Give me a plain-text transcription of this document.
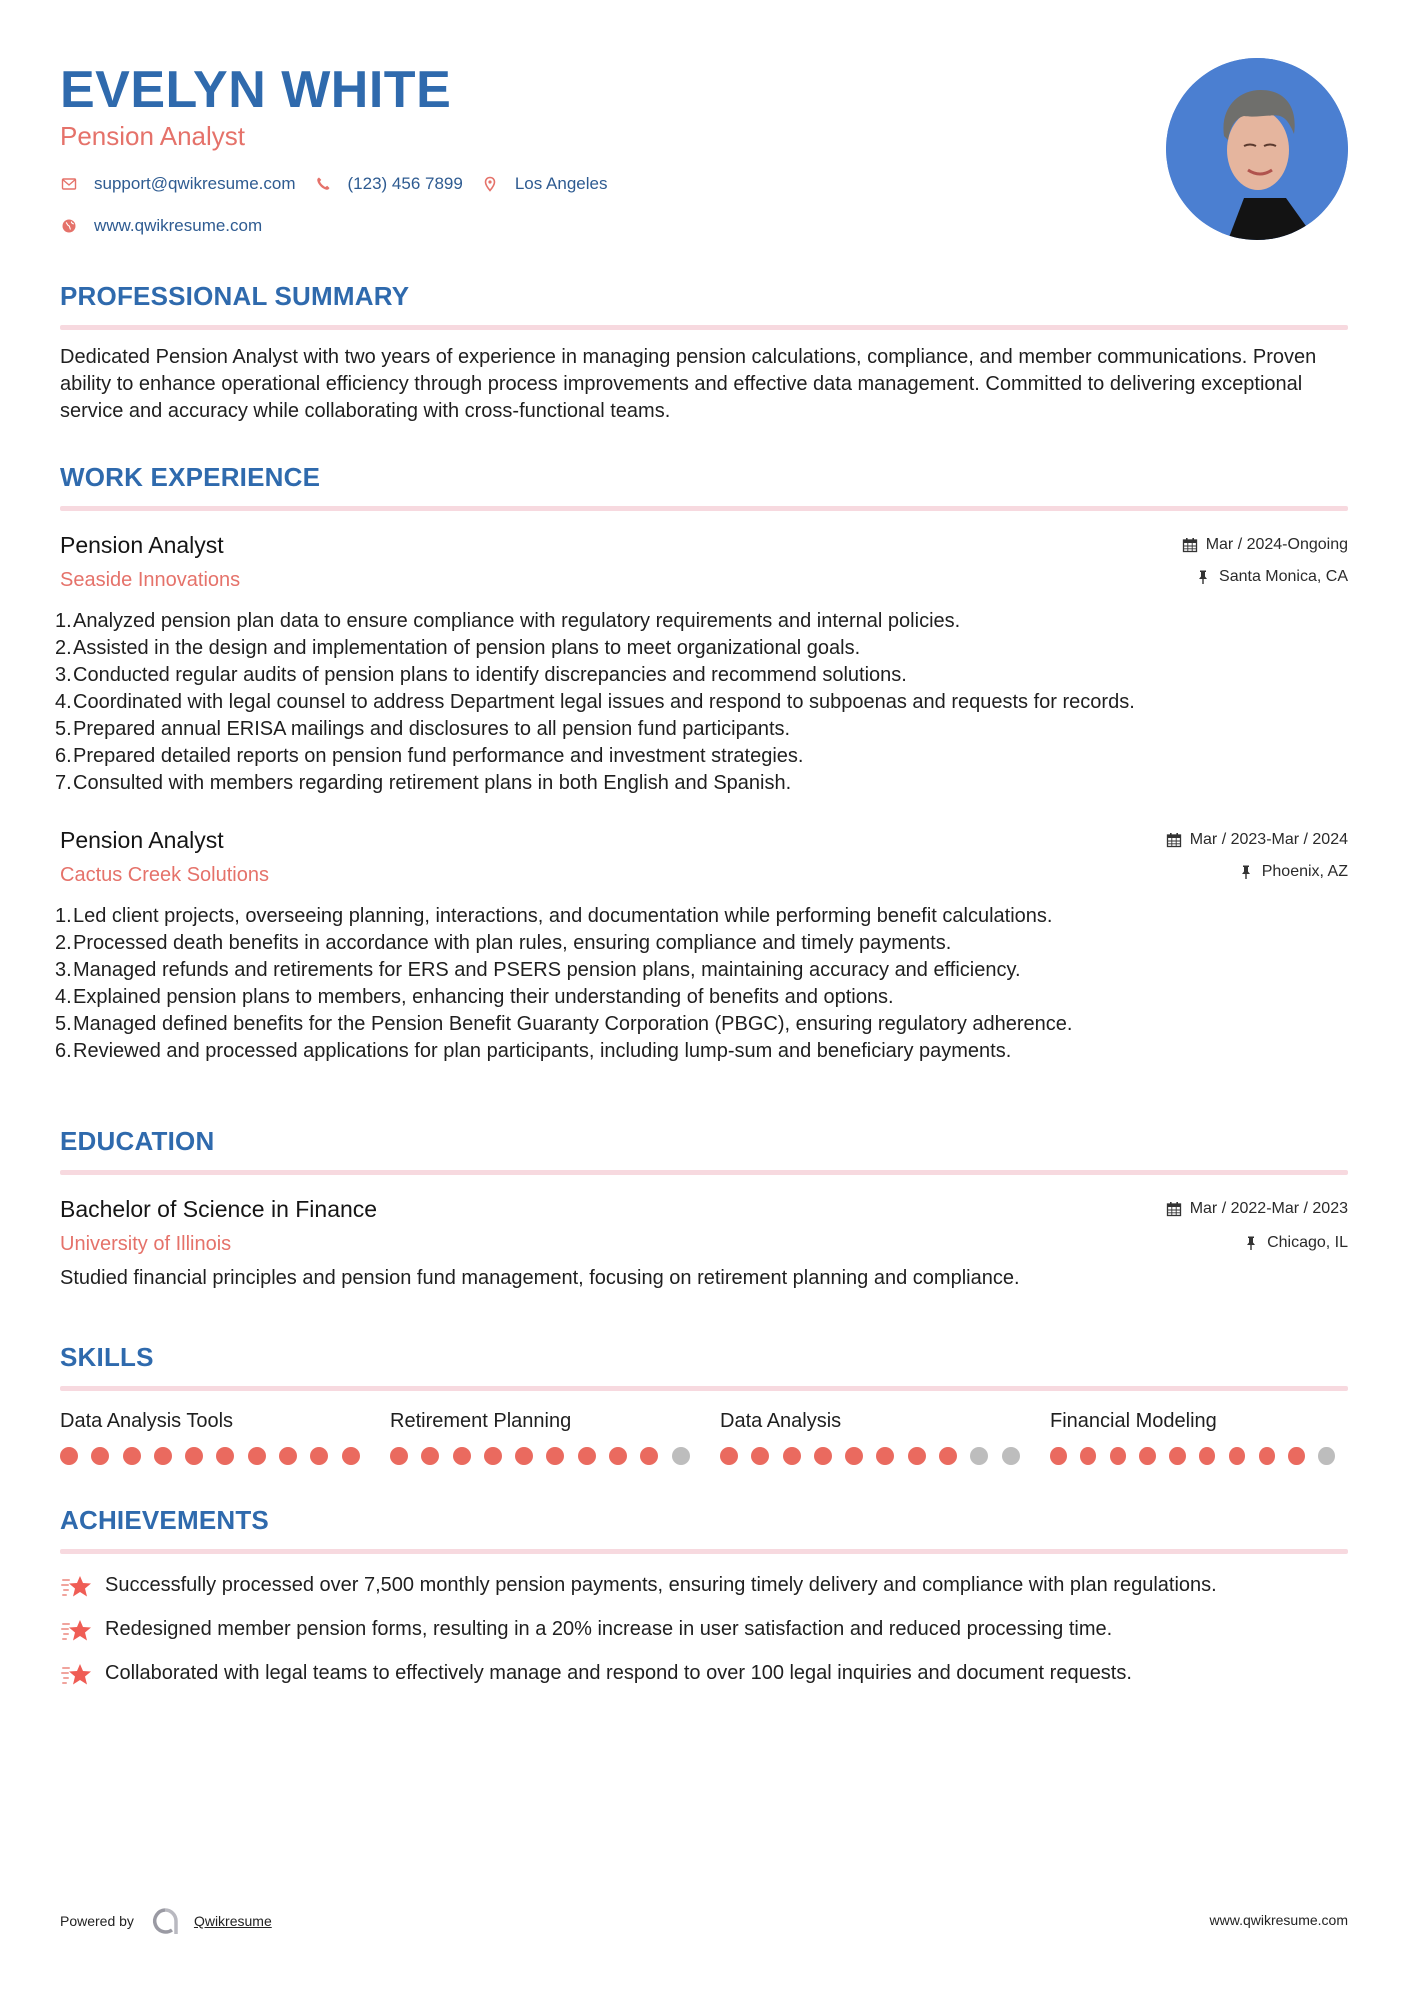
EVELYN WHITE
Pension Analyst
support@qwikresume.com	(123) 456 7899	Los Angeles
www.qwikresume.com
PROFESSIONAL SUMMARY
Dedicated Pension Analyst with two years of experience in managing pension calculations, compliance, and member communications. Proven ability to enhance operational efficiency through process improvements and effective data management. Committed to delivering exceptional service and accuracy while collaborating with cross-functional teams.
WORK EXPERIENCE
Pension Analyst
Seaside Innovations
Mar / 2024-Ongoing
Santa Monica, CA
1. Analyzed pension plan data to ensure compliance with regulatory requirements and internal policies.
2. Assisted in the design and implementation of pension plans to meet organizational goals.
3. Conducted regular audits of pension plans to identify discrepancies and recommend solutions.
4. Coordinated with legal counsel to address Department legal issues and respond to subpoenas and requests for records.
5. Prepared annual ERISA mailings and disclosures to all pension fund participants.
6. Prepared detailed reports on pension fund performance and investment strategies.
7. Consulted with members regarding retirement plans in both English and Spanish.
Pension Analyst
Cactus Creek Solutions
Mar / 2023-Mar / 2024
Phoenix, AZ
1. Led client projects, overseeing planning, interactions, and documentation while performing benefit calculations.
2. Processed death benefits in accordance with plan rules, ensuring compliance and timely payments.
3. Managed refunds and retirements for ERS and PSERS pension plans, maintaining accuracy and efficiency.
4. Explained pension plans to members, enhancing their understanding of benefits and options.
5. Managed defined benefits for the Pension Benefit Guaranty Corporation (PBGC), ensuring regulatory adherence.
6. Reviewed and processed applications for plan participants, including lump-sum and beneficiary payments.
EDUCATION
Bachelor of Science in Finance
University of Illinois
Mar / 2022-Mar / 2023
Chicago, IL
Studied financial principles and pension fund management, focusing on retirement planning and compliance.
SKILLS
Data Analysis Tools	Retirement Planning	Data Analysis	Financial Modeling
ACHIEVEMENTS
Successfully processed over 7,500 monthly pension payments, ensuring timely delivery and compliance with plan regulations.
Redesigned member pension forms, resulting in a 20% increase in user satisfaction and reduced processing time.
Collaborated with legal teams to effectively manage and respond to over 100 legal inquiries and document requests.
Powered by	Qwikresume	www.qwikresume.com
